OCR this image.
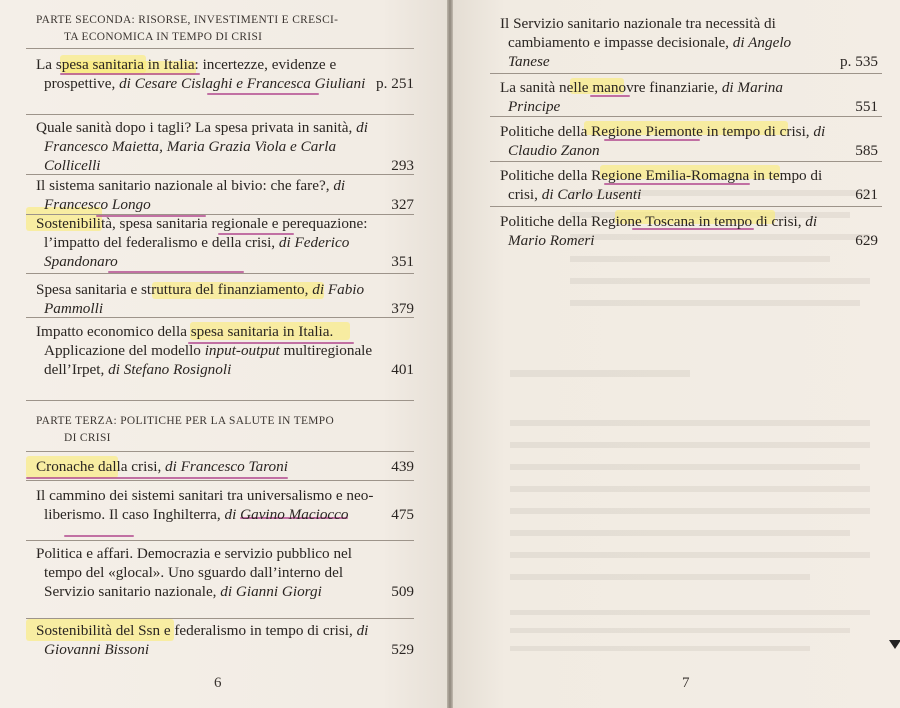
PARTE SECONDA: RISORSE, INVESTIMENTI E CRESCI-
TA ECONOMICA IN TEMPO DI CRISI
La spesa sanitaria in Italia: incertezze, evidenze e prospettive, di Cesare Cislaghi e Francesca Giuliani p. 251
Quale sanità dopo i tagli? La spesa privata in sanità, di Francesco Maietta, Maria Grazia Viola e Carla Collicelli	293
Il sistema sanitario nazionale al bivio: che fare?, di Francesco Longo	327
Sostenibilità, spesa sanitaria regionale e perequazione: l’impatto del federalismo e della crisi, di Federico Spandonaro	351
Spesa sanitaria e struttura del finanziamento, di Fabio Pammolli	379
Impatto economico della spesa sanitaria in Italia. Applicazione del modello input-output multiregionale dell’Irpet, di Stefano Rosignoli	401
PARTE TERZA: POLITICHE PER LA SALUTE IN TEMPO
DI CRISI
Cronache dalla crisi, di Francesco Taroni	439
Il cammino dei sistemi sanitari tra universalismo e neo-liberismo. Il caso Inghilterra, di Gavino Maciocco	475
Politica e affari. Democrazia e servizio pubblico nel tempo del «glocal». Uno sguardo dall’interno del Servizio sanitario nazionale, di Gianni Giorgi	509
Sostenibilità del Ssn e federalismo in tempo di crisi, di Giovanni Bissoni	529
6
Il Servizio sanitario nazionale tra necessità di cambiamento e impasse decisionale, di Angelo Tanese	p. 535
La sanità nelle manovre finanziarie, di Marina Principe	551
Politiche della Regione Piemonte in tempo di crisi, di Claudio Zanon	585
Politiche della Regione Emilia-Romagna in tempo di crisi, di Carlo Lusenti	621
Politiche della Regione Toscana in tempo di crisi, di Mario Romeri	629
7
